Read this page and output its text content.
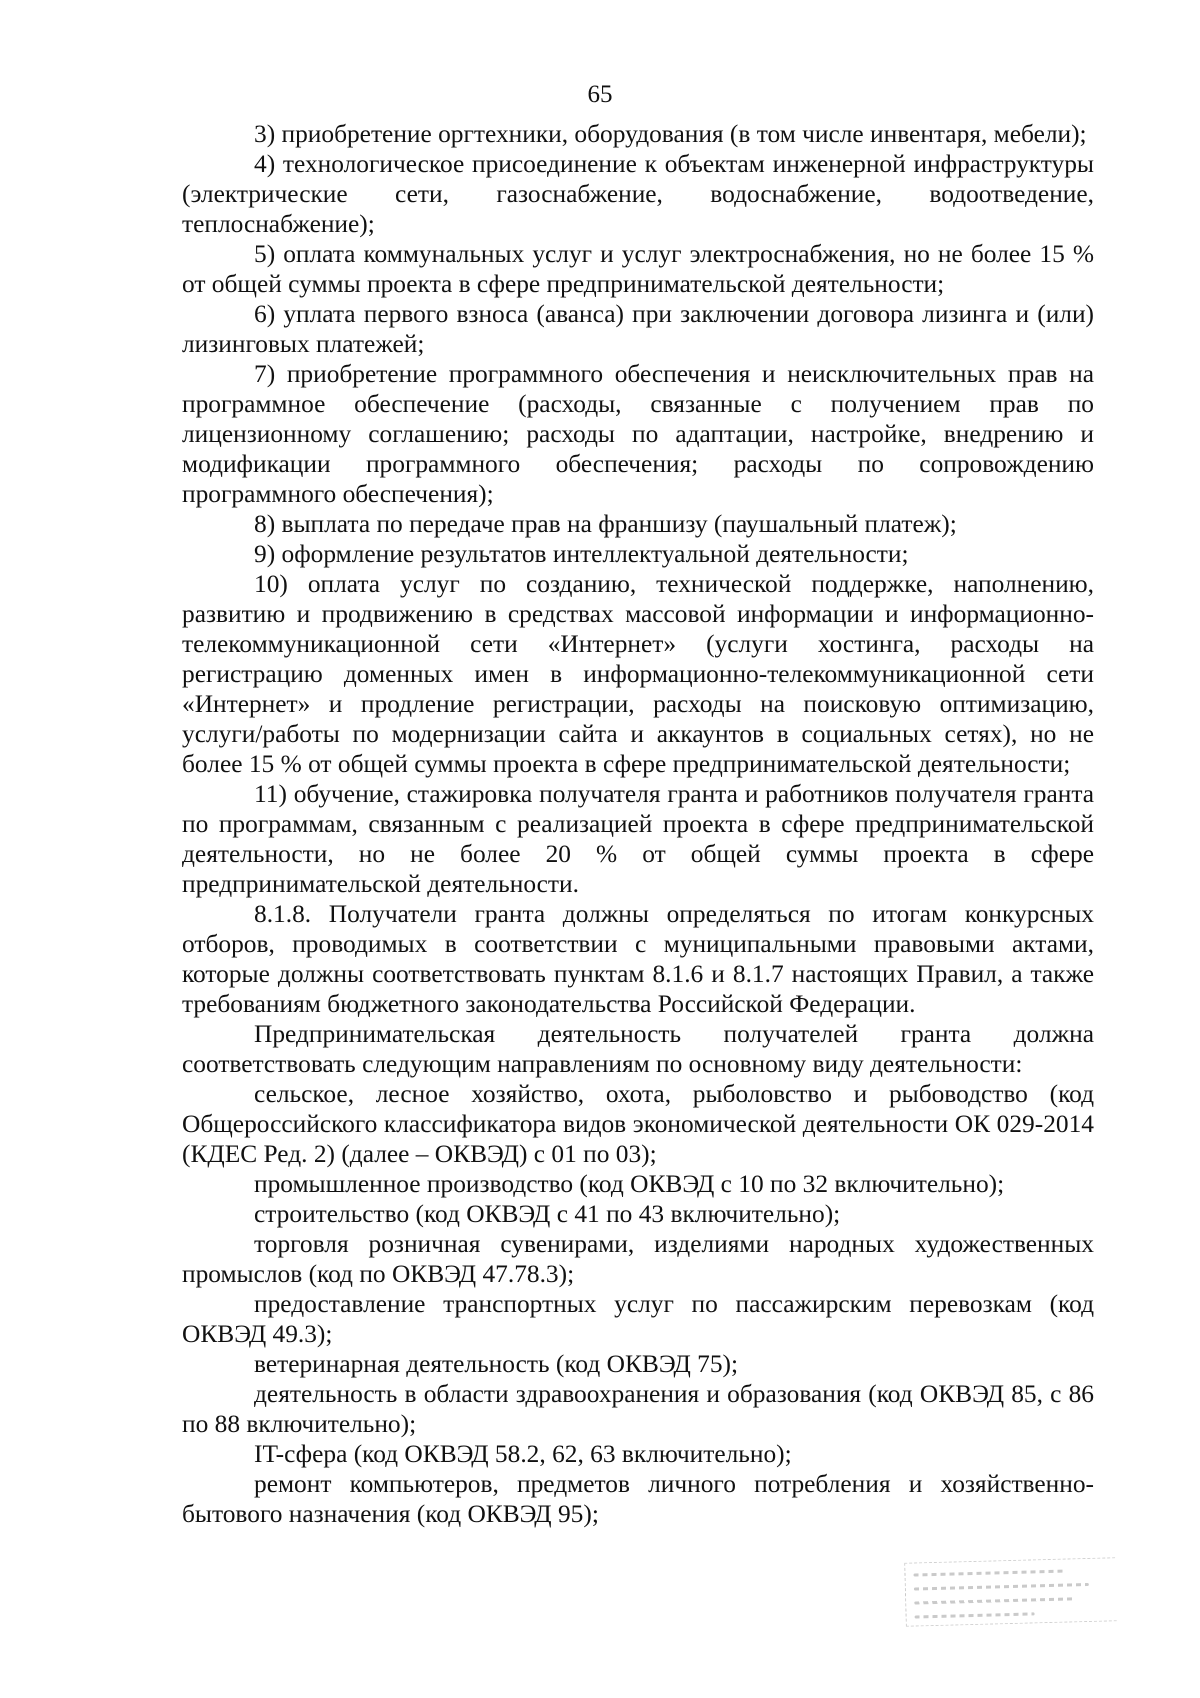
65

3) приобретение оргтехники, оборудования (в том числе инвентаря, мебели);

4) технологическое присоединение к объектам инженерной инфраструктуры (электрические сети, газоснабжение, водоснабжение, водоотведение, теплоснабжение);

5) оплата коммунальных услуг и услуг электроснабжения, но не более 15 % от общей суммы проекта в сфере предпринимательской деятельности;

6) уплата первого взноса (аванса) при заключении договора лизинга и (или) лизинговых платежей;

7) приобретение программного обеспечения и неисключительных прав на программное обеспечение (расходы, связанные с получением прав по лицензионному соглашению; расходы по адаптации, настройке, внедрению и модификации программного обеспечения; расходы по сопровождению программного обеспечения);

8) выплата по передаче прав на франшизу (паушальный платеж);

9) оформление результатов интеллектуальной деятельности;

10) оплата услуг по созданию, технической поддержке, наполнению, развитию и продвижению в средствах массовой информации и информационно-телекоммуникационной сети «Интернет» (услуги хостинга, расходы на регистрацию доменных имен в информационно-телекоммуникационной сети «Интернет» и продление регистрации, расходы на поисковую оптимизацию, услуги/работы по модернизации сайта и аккаунтов в социальных сетях), но не более 15 % от общей суммы проекта в сфере предпринимательской деятельности;

11) обучение, стажировка получателя гранта и работников получателя гранта по программам, связанным с реализацией проекта в сфере предпринимательской деятельности, но не более 20 % от общей суммы проекта в сфере предпринимательской деятельности.

8.1.8. Получатели гранта должны определяться по итогам конкурсных отборов, проводимых в соответствии с муниципальными правовыми актами, которые должны соответствовать пунктам 8.1.6 и 8.1.7 настоящих Правил, а также требованиям бюджетного законодательства Российской Федерации.

Предпринимательская деятельность получателей гранта должна соответствовать следующим направлениям по основному виду деятельности:

сельское, лесное хозяйство, охота, рыболовство и рыбоводство (код Общероссийского классификатора видов экономической деятельности ОК 029-2014 (КДЕС Ред. 2) (далее – ОКВЭД) с 01 по 03);

промышленное производство (код ОКВЭД с 10 по 32 включительно);

строительство (код ОКВЭД с 41 по 43 включительно);

торговля розничная сувенирами, изделиями народных художественных промыслов (код по ОКВЭД 47.78.3);

предоставление транспортных услуг по пассажирским перевозкам (код ОКВЭД 49.3);

ветеринарная деятельность (код ОКВЭД 75);

деятельность в области здравоохранения и образования (код ОКВЭД 85, с 86 по 88 включительно);

IT-сфера (код ОКВЭД 58.2, 62, 63 включительно);

ремонт компьютеров, предметов личного потребления и хозяйственно-бытового назначения (код ОКВЭД 95);
